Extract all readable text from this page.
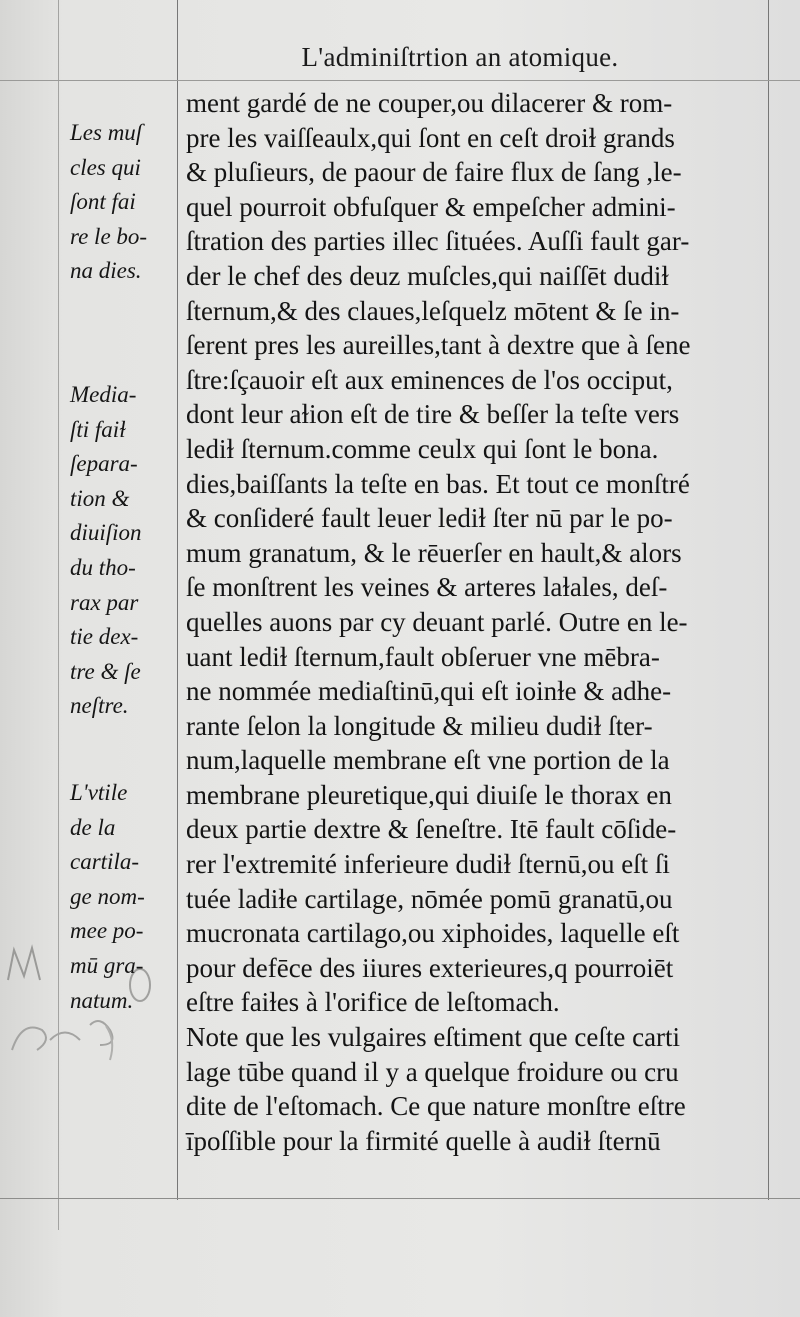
L'adminiſtrtion an atomique.
ment gardé de ne couper,ou dilacerer & rom-
pre les vaiſſeaulx,qui ſont en ceſt droiɫ grands
& pluſieurs, de paour de faire flux de ſang ,le-
quel pourroit obfuſquer & empeſcher admini-
ſtration des parties illec ſituées. Auſſi fault gar-
der le chef des deuz muſcles,qui naiſſēt dudiɫ
ſternum,& des claues,leſquelz mōtent & ſe in-
ſerent pres les aureilles,tant à dextre que à ſene
ſtre:ſçauoir eſt aux eminences de l'os occiput,
dont leur aɫion eſt de tire & beſſer la teſte vers
lediɫ ſternum.comme ceulx qui ſont le bona.
dies,baiſſants la teſte en bas. Et tout ce monſtré
& conſideré fault leuer lediɫ ſter nū par le po-
mum granatum, & le rēuerſer en hault,& alors
ſe monſtrent les veines & arteres laɫales, deſ-
quelles auons par cy deuant parlé. Outre en le-
uant lediɫ ſternum,fault obſeruer vne mēbra-
ne nommée mediaſtinū,qui eſt ioinɫe & adhe-
rante ſelon la longitude & milieu dudiɫ ſter-
num,laquelle membrane eſt vne portion de la
membrane pleuretique,qui diuiſe le thorax en
deux partie dextre & ſeneſtre. Itē fault cōſide-
rer l'extremité inferieure dudiɫ ſternū,ou eſt ſi
tuée ladiɫe cartilage, nōmée pomū granatū,ou
mucronata cartilago,ou xiphoides, laquelle eſt
pour defēce des iiures exterieures,q pourroiēt
eſtre faiɫes à l'orifice de leſtomach.
Note que les vulgaires eſtiment que ceſte carti
lage tūbe quand il y a quelque froidure ou cru
dite de l'eſtomach. Ce que nature monſtre eſtre
īpoſſible pour la firmité quelle à audiɫ ſternū
Les muſ
cles qui
ſont fai
re le bo-
na dies.
Media-
ſti faiɫ
ſepara-
tion &
diuiſion
du tho-
rax par
tie dex-
tre & ſe
neſtre.
L'vtile
de la
cartila-
ge nom-
mee po-
mū gra-
natum.
